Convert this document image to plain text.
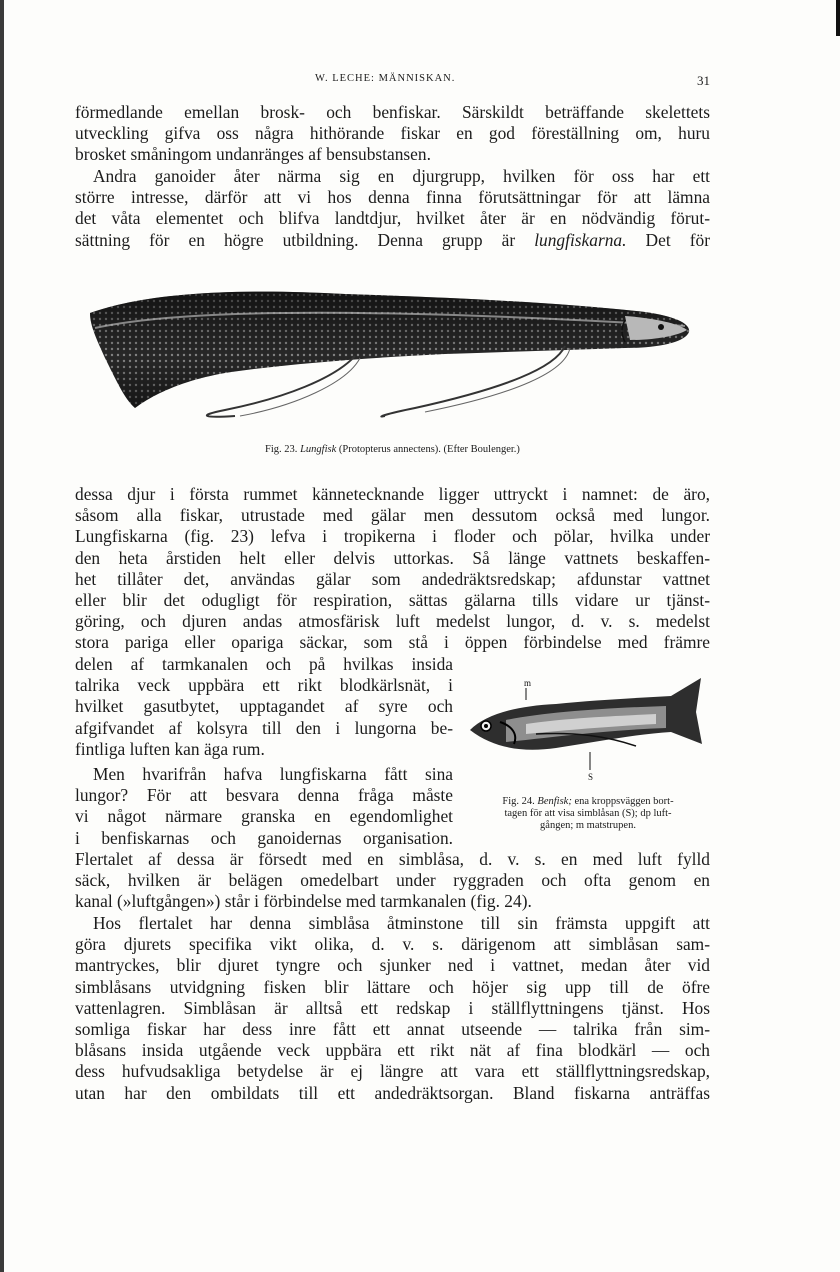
W. LECHE: MÄNNISKAN.	31

förmedlande emellan brosk- och benfiskar. Särskildt beträffande skelettets
utveckling gifva oss några hithörande fiskar en god föreställning om, huru
brosket småningom undanränges af bensubstansen.

Andra ganoider åter närma sig en djurgrupp, hvilken för oss har ett
större intresse, därför att vi hos denna finna förutsättningar för att lämna
det våta elementet och blifva landtdjur, hvilket åter är en nödvändig förut-
sättning för en högre utbildning. Denna grupp är lungfiskarna. Det för

Fig. 23. Lungfisk (Protopterus annectens). (Efter Boulenger.)

dessa djur i första rummet kännetecknande ligger uttryckt i namnet: de äro,
såsom alla fiskar, utrustade med gälar men dessutom också med lungor.
Lungfiskarna (fig. 23) lefva i tropikerna i floder och pölar, hvilka under
den heta årstiden helt eller delvis uttorkas. Så länge vattnets beskaffen-
het tillåter det, användas gälar som andedräktsredskap; afdunstar vattnet
eller blir det odugligt för respiration, sättas gälarna tills vidare ur tjänst-
göring, och djuren andas atmosfärisk luft medelst lungor, d. v. s. medelst
stora pariga eller opariga säckar, som stå i öppen förbindelse med främre

delen af tarmkanalen och på hvilkas insida
talrika veck uppbära ett rikt blodkärlsnät, i
hvilket gasutbytet, upptagandet af syre och
afgifvandet af kolsyra till den i lungorna be-
fintliga luften kan äga rum.

Men hvarifrån hafva lungfiskarna fått sina
lungor? För att besvara denna fråga måste
vi något närmare granska en egendomlighet
i benfiskarnas och ganoidernas organisation.

Flertalet af dessa är försedt med en simblåsa, d. v. s. en med luft fylld
säck, hvilken är belägen omedelbart under ryggraden och ofta genom en
kanal (»luftgången») står i förbindelse med tarmkanalen (fig. 24).

m
S
Fig. 24. Benfisk; ena kroppsväggen bort-
tagen för att visa simblåsan (S); dp luft-
gången; m matstrupen.

Hos flertalet har denna simblåsa åtminstone till sin främsta uppgift att
göra djurets specifika vikt olika, d. v. s. därigenom att simblåsan sam-
mantryckes, blir djuret tyngre och sjunker ned i vattnet, medan åter vid
simblåsans utvidgning fisken blir lättare och höjer sig upp till de öfre
vattenlagren. Simblåsan är alltså ett redskap i ställflyttningens tjänst. Hos
somliga fiskar har dess inre fått ett annat utseende — talrika från sim-
blåsans insida utgående veck uppbära ett rikt nät af fina blodkärl — och
dess hufvudsakliga betydelse är ej längre att vara ett ställflyttningsredskap,
utan har den ombildats till ett andedräktsorgan. Bland fiskarna anträffas
